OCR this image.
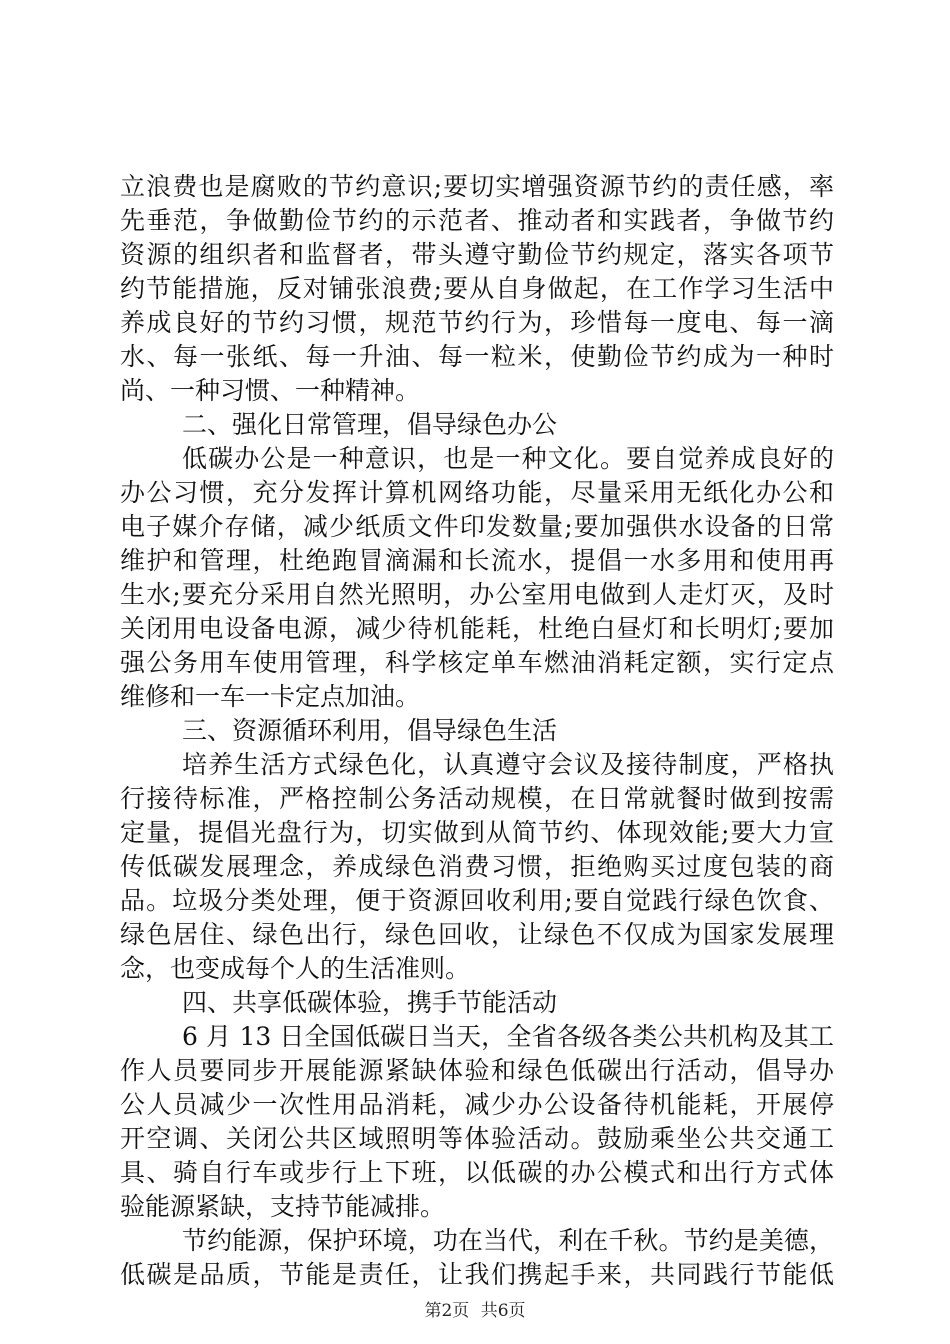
立浪费也是腐败的节约意识;要切实增强资源节约的责任感，率
先垂范，争做勤俭节约的示范者、推动者和实践者，争做节约
资源的组织者和监督者，带头遵守勤俭节约规定，落实各项节
约节能措施，反对铺张浪费;要从自身做起，在工作学习生活中
养成良好的节约习惯，规范节约行为，珍惜每一度电、每一滴
水、每一张纸、每一升油、每一粒米，使勤俭节约成为一种时
尚、一种习惯、一种精神。
二、强化日常管理，倡导绿色办公
低碳办公是一种意识，也是一种文化。要自觉养成良好的
办公习惯，充分发挥计算机网络功能，尽量采用无纸化办公和
电子媒介存储，减少纸质文件印发数量;要加强供水设备的日常
维护和管理，杜绝跑冒滴漏和长流水，提倡一水多用和使用再
生水;要充分采用自然光照明，办公室用电做到人走灯灭，及时
关闭用电设备电源，减少待机能耗，杜绝白昼灯和长明灯;要加
强公务用车使用管理，科学核定单车燃油消耗定额，实行定点
维修和一车一卡定点加油。
三、资源循环利用，倡导绿色生活
培养生活方式绿色化，认真遵守会议及接待制度，严格执
行接待标准，严格控制公务活动规模，在日常就餐时做到按需
定量，提倡光盘行为，切实做到从简节约、体现效能;要大力宣
传低碳发展理念，养成绿色消费习惯，拒绝购买过度包装的商
品。垃圾分类处理，便于资源回收利用;要自觉践行绿色饮食、
绿色居住、绿色出行，绿色回收，让绿色不仅成为国家发展理
念，也变成每个人的生活准则。
四、共享低碳体验，携手节能活动
6 月 13 日全国低碳日当天，全省各级各类公共机构及其工
作人员要同步开展能源紧缺体验和绿色低碳出行活动，倡导办
公人员减少一次性用品消耗，减少办公设备待机能耗，开展停
开空调、关闭公共区域照明等体验活动。鼓励乘坐公共交通工
具、骑自行车或步行上下班，以低碳的办公模式和出行方式体
验能源紧缺，支持节能减排。
节约能源，保护环境，功在当代，利在千秋。节约是美德，
低碳是品质，节能是责任，让我们携起手来，共同践行节能低
第2页 共6页
